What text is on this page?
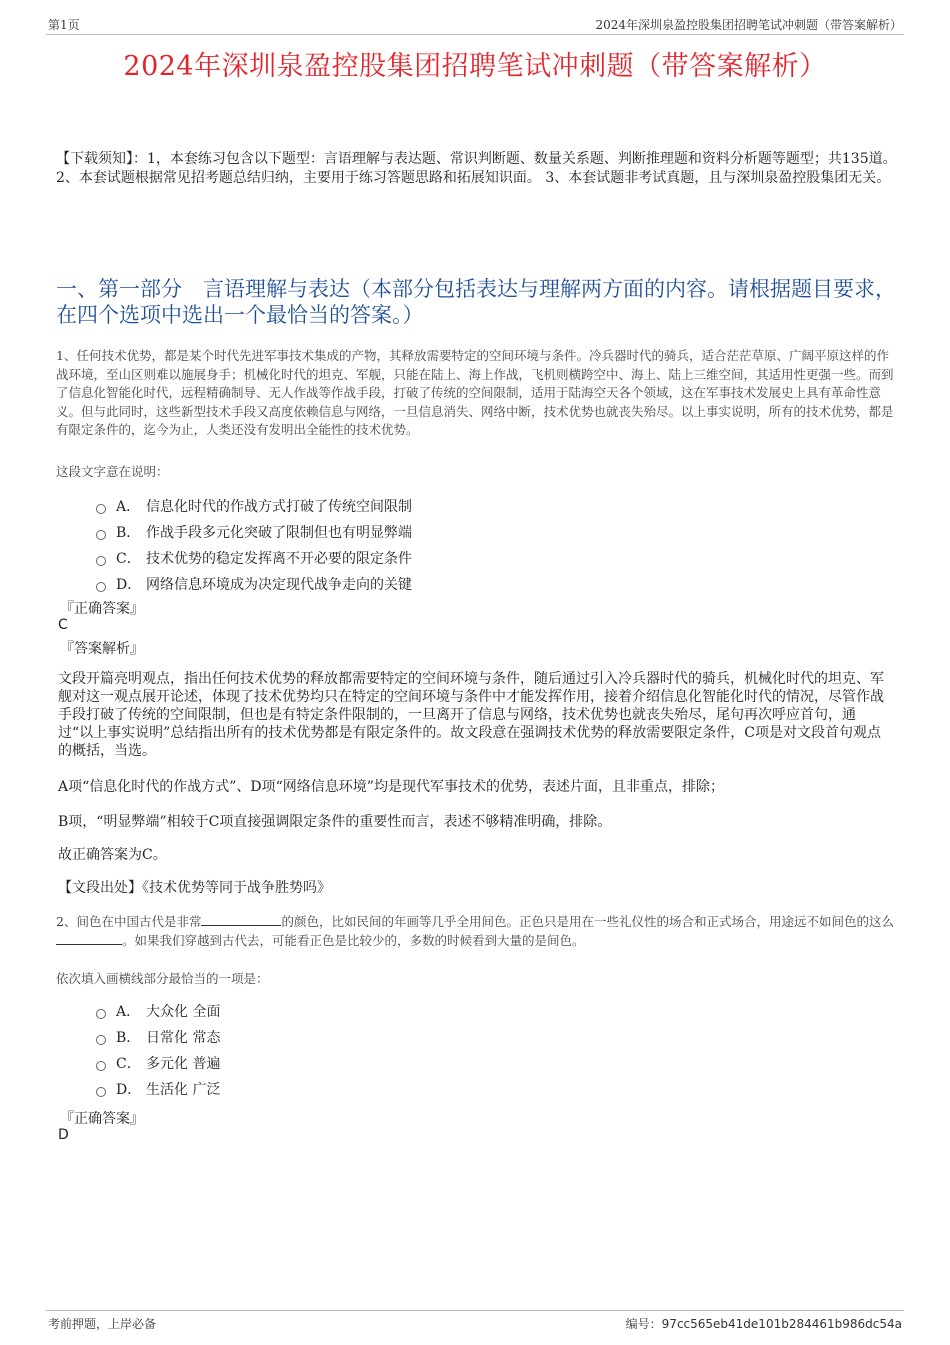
第1页	2024年深圳泉盈控股集团招聘笔试冲刺题（带答案解析）
2024年深圳泉盈控股集团招聘笔试冲刺题（带答案解析）
【下载须知】：1，本套练习包含以下题型：言语理解与表达题、常识判断题、数量关系题、判断推理题和资料分析题等题型；共135道。 2、本套试题根据常见招考题总结归纳，主要用于练习答题思路和拓展知识面。 3、本套试题非考试真题，且与深圳泉盈控股集团无关。
一、第一部分　言语理解与表达（本部分包括表达与理解两方面的内容。请根据题目要求，在四个选项中选出一个最恰当的答案。）
1、任何技术优势，都是某个时代先进军事技术集成的产物，其释放需要特定的空间环境与条件。冷兵器时代的骑兵，适合茫茫草原、广阔平原这样的作战环境，至山区则难以施展身手；机械化时代的坦克、军舰，只能在陆上、海上作战，飞机则横跨空中、海上、陆上三维空间，其适用性更强一些。而到了信息化智能化时代，远程精确制导、无人作战等作战手段，打破了传统的空间限制，适用于陆海空天各个领域，这在军事技术发展史上具有革命性意义。但与此同时，这些新型技术手段又高度依赖信息与网络，一旦信息消失、网络中断，技术优势也就丧失殆尽。以上事实说明，所有的技术优势，都是有限定条件的，迄今为止，人类还没有发明出全能性的技术优势。
这段文字意在说明：
A． 信息化时代的作战方式打破了传统空间限制
B． 作战手段多元化突破了限制但也有明显弊端
C． 技术优势的稳定发挥离不开必要的限定条件
D． 网络信息环境成为决定现代战争走向的关键
『正确答案』
C
『答案解析』
文段开篇亮明观点，指出任何技术优势的释放都需要特定的空间环境与条件，随后通过引入冷兵器时代的骑兵，机械化时代的坦克、军舰对这一观点展开论述，体现了技术优势均只在特定的空间环境与条件中才能发挥作用，接着介绍信息化智能化时代的情况，尽管作战手段打破了传统的空间限制，但也是有特定条件限制的，一旦离开了信息与网络，技术优势也就丧失殆尽，尾句再次呼应首句，通过“以上事实说明”总结指出所有的技术优势都是有限定条件的。故文段意在强调技术优势的释放需要限定条件，C项是对文段首句观点的概括，当选。
A项“信息化时代的作战方式”、D项“网络信息环境”均是现代军事技术的优势，表述片面，且非重点，排除；
B项，“明显弊端”相较于C项直接强调限定条件的重要性而言，表述不够精准明确，排除。
故正确答案为C。
【文段出处】《技术优势等同于战争胜势吗》
2、间色在中国古代是非常	的颜色，比如民间的年画等几乎全用间色。正色只是用在一些礼仪性的场合和正式场合，用途远不如间色的这么。如果我们穿越到古代去，可能看正色是比较少的，多数的时候看到大量的是间色。
依次填入画横线部分最恰当的一项是：
A． 大众化 全面
B． 日常化 常态
C． 多元化 普遍
D． 生活化 广泛
『正确答案』
D
考前押题，上岸必备	编号：97cc565eb41de101b284461b986dc54a
